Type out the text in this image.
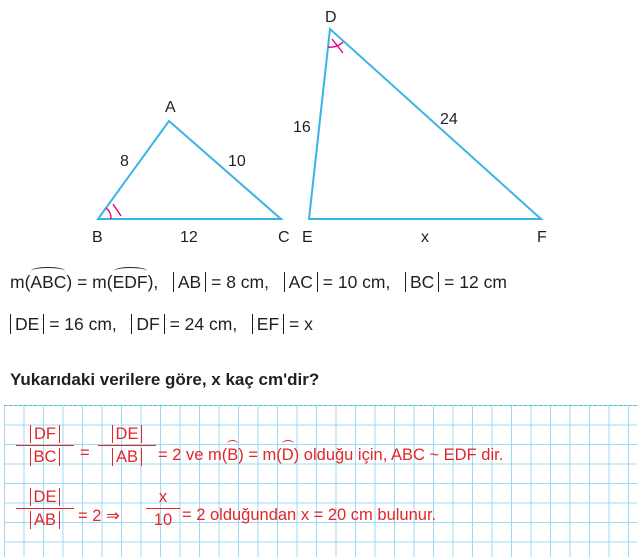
A
B	C
D
E	F
8	10
12
16	24
x
m(ABC) = m(EDF), AB = 8 cm, AC = 10 cm, BC = 12 cm
DE = 16 cm, DF = 24 cm, EF = x
Yukarıdaki verilere göre, x kaç cm'dir?
$\frac{DF}{BC} = \frac{DE}{AB} = 2$ ve m(B) = m(D) olduğu için, ABC ~ EDF dir.
$\frac{DE}{AB} = 2$ ⇒ $\frac{x}{10} = 2$ olduğundan x = 20 cm bulunur.
